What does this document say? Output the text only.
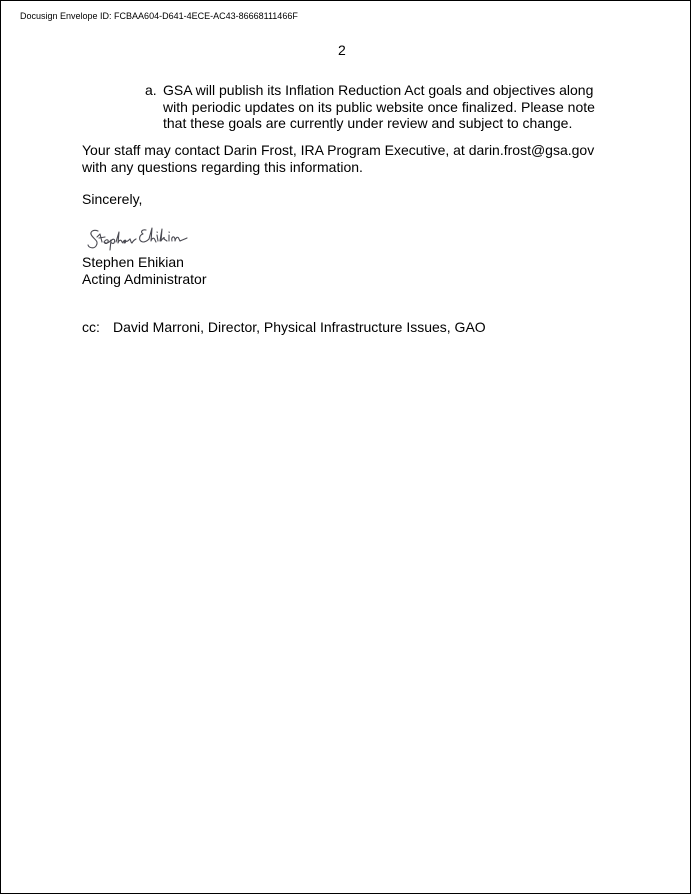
Docusign Envelope ID: FCBAA604-D641-4ECE-AC43-86668111466F
2
a. GSA will publish its Inflation Reduction Act goals and objectives along with periodic updates on its public website once finalized. Please note that these goals are currently under review and subject to change.
Your staff may contact Darin Frost, IRA Program Executive, at darin.frost@gsa.gov with any questions regarding this information.
Sincerely,
Stephen Ehikian
Acting Administrator
cc: David Marroni, Director, Physical Infrastructure Issues, GAO
